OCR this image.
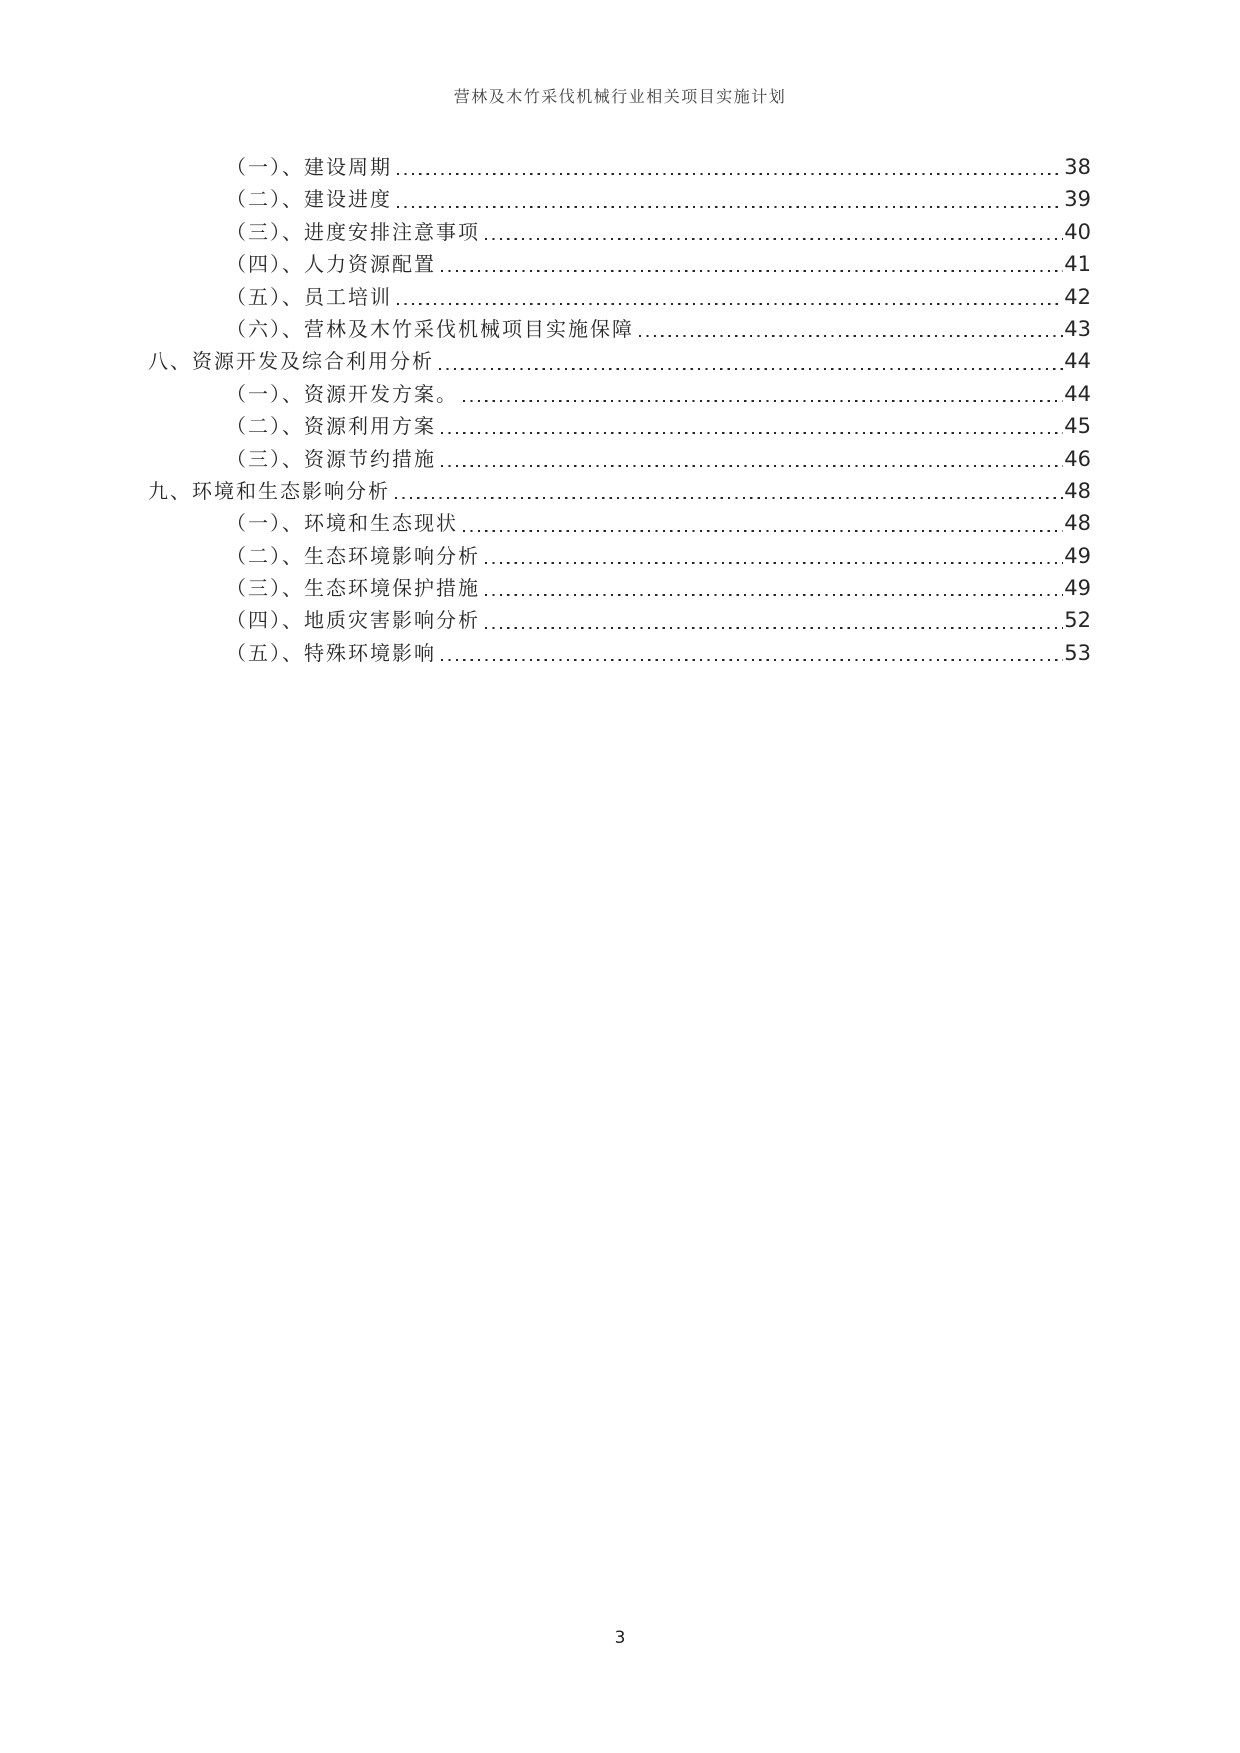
营林及木竹采伐机械行业相关项目实施计划
（一）、建设周期	38
（二）、建设进度	39
（三）、进度安排注意事项	40
（四）、人力资源配置	41
（五）、员工培训	42
（六）、营林及木竹采伐机械项目实施保障	43
八、资源开发及综合利用分析	44
（一）、资源开发方案。	44
（二）、资源利用方案	45
（三）、资源节约措施	46
九、环境和生态影响分析	48
（一）、环境和生态现状	48
（二）、生态环境影响分析	49
（三）、生态环境保护措施	49
（四）、地质灾害影响分析	52
（五）、特殊环境影响	53
3
